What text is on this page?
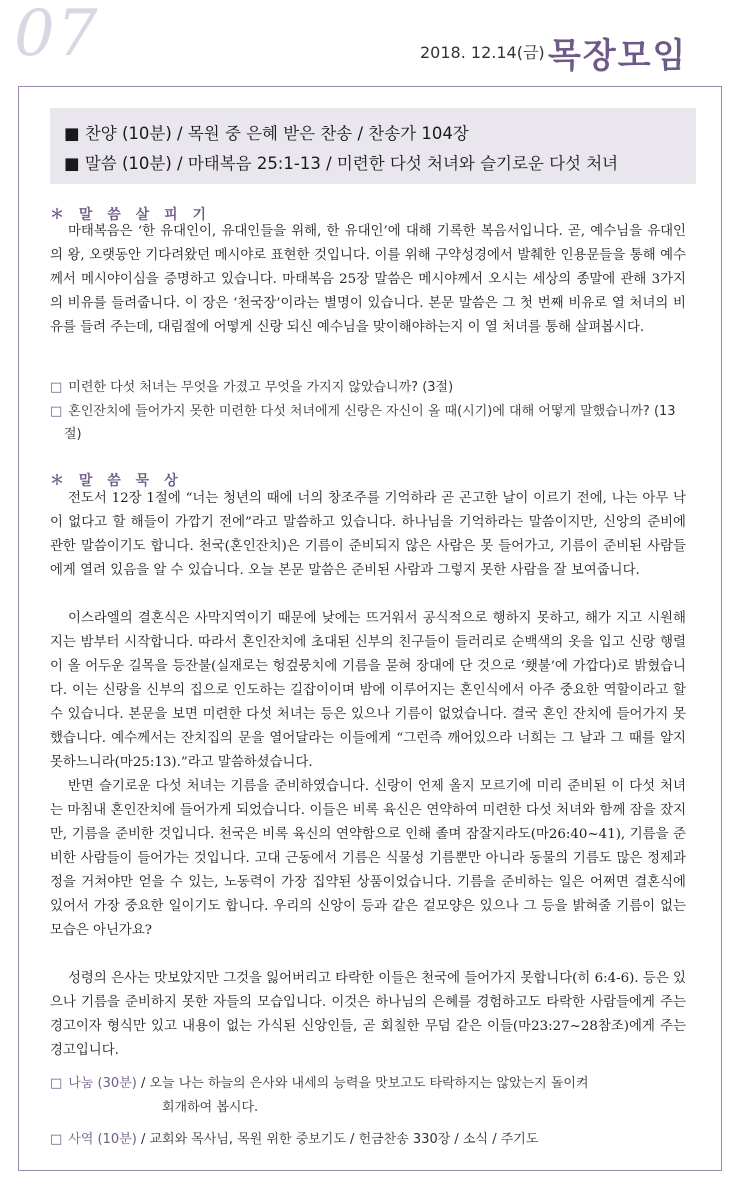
07	2018. 12.14(금) 목장모임
■ 찬양 (10분) / 목원 중 은혜 받은 찬송 / 찬송가 104장
■ 말씀 (10분) / 마태복음 25:1-13 / 미련한 다섯 처녀와 슬기로운 다섯 처녀
＊ 말 씀 살 피 기
마태복음은 ‘한 유대인이, 유대인들을 위해, 한 유대인’에 대해 기록한 복음서입니다. 곧, 예수님을 유대인의 왕, 오랫동안 기다려왔던 메시야로 표현한 것입니다. 이를 위해 구약성경에서 발췌한 인용문들을 통해 예수께서 메시야이심을 증명하고 있습니다. 마태복음 25장 말씀은 메시야께서 오시는 세상의 종말에 관해 3가지의 비유를 들려줍니다. 이 장은 ‘천국장’이라는 별명이 있습니다. 본문 말씀은 그 첫 번째 비유로 열 처녀의 비유를 들려 주는데, 대림절에 어떻게 신랑 되신 예수님을 맞이해야하는지 이 열 처녀를 통해 살펴봅시다.
□ 미련한 다섯 처녀는 무엇을 가졌고 무엇을 가지지 않았습니까? (3절)
□ 혼인잔치에 들어가지 못한 미련한 다섯 처녀에게 신랑은 자신이 올 때(시기)에 대해 어떻게 말했습니까? (13절)
＊ 말 씀 묵 상
전도서 12장 1절에 “너는 청년의 때에 너의 창조주를 기억하라 곧 곤고한 날이 이르기 전에, 나는 아무 낙이 없다고 할 해들이 가깝기 전에”라고 말씀하고 있습니다. 하나님을 기억하라는 말씀이지만, 신앙의 준비에 관한 말씀이기도 합니다. 천국(혼인잔치)은 기름이 준비되지 않은 사람은 못 들어가고, 기름이 준비된 사람들에게 열려 있음을 알 수 있습니다. 오늘 본문 말씀은 준비된 사람과 그렇지 못한 사람을 잘 보여줍니다.
이스라엘의 결혼식은 사막지역이기 때문에 낮에는 뜨거워서 공식적으로 행하지 못하고, 해가 지고 시원해지는 밤부터 시작합니다. 따라서 혼인잔치에 초대된 신부의 친구들이 들러리로 순백색의 옷을 입고 신랑 행렬이 올 어두운 길목을 등잔불(실재로는 헝겊뭉치에 기름을 묻혀 장대에 단 것으로 ‘횃불’에 가깝다)로 밝혔습니다. 이는 신랑을 신부의 집으로 인도하는 길잡이이며 밤에 이루어지는 혼인식에서 아주 중요한 역할이라고 할 수 있습니다. 본문을 보면 미련한 다섯 처녀는 등은 있으나 기름이 없었습니다. 결국 혼인 잔치에 들어가지 못했습니다. 예수께서는 잔치집의 문을 열어달라는 이들에게 “그런즉 깨어있으라 너희는 그 날과 그 때를 알지 못하느니라(마25:13).”라고 말씀하셨습니다.
반면 슬기로운 다섯 처녀는 기름을 준비하였습니다. 신랑이 언제 올지 모르기에 미리 준비된 이 다섯 처녀는 마침내 혼인잔치에 들어가게 되었습니다. 이들은 비록 육신은 연약하여 미련한 다섯 처녀와 함께 잠을 잤지만, 기름을 준비한 것입니다. 천국은 비록 육신의 연약함으로 인해 졸며 잠잘지라도(마26:40~41), 기름을 준비한 사람들이 들어가는 것입니다. 고대 근동에서 기름은 식물성 기름뿐만 아니라 동물의 기름도 많은 정제과정을 거쳐야만 얻을 수 있는, 노동력이 가장 집약된 상품이었습니다. 기름을 준비하는 일은 어쩌면 결혼식에 있어서 가장 중요한 일이기도 합니다. 우리의 신앙이 등과 같은 겉모양은 있으나 그 등을 밝혀줄 기름이 없는 모습은 아닌가요?
성령의 은사는 맛보았지만 그것을 잃어버리고 타락한 이들은 천국에 들어가지 못합니다(히 6:4-6). 등은 있으나 기름을 준비하지 못한 자들의 모습입니다. 이것은 하나님의 은혜를 경험하고도 타락한 사람들에게 주는 경고이자 형식만 있고 내용이 없는 가식된 신앙인들, 곧 회칠한 무덤 같은 이들(마23:27~28참조)에게 주는 경고입니다.
□ 나눔 (30분) / 오늘 나는 하늘의 은사와 내세의 능력을 맛보고도 타락하지는 않았는지 돌이켜
회개하여 봅시다.
□ 사역 (10분) / 교회와 목사님, 목원 위한 중보기도 / 헌금찬송 330장 / 소식 / 주기도
